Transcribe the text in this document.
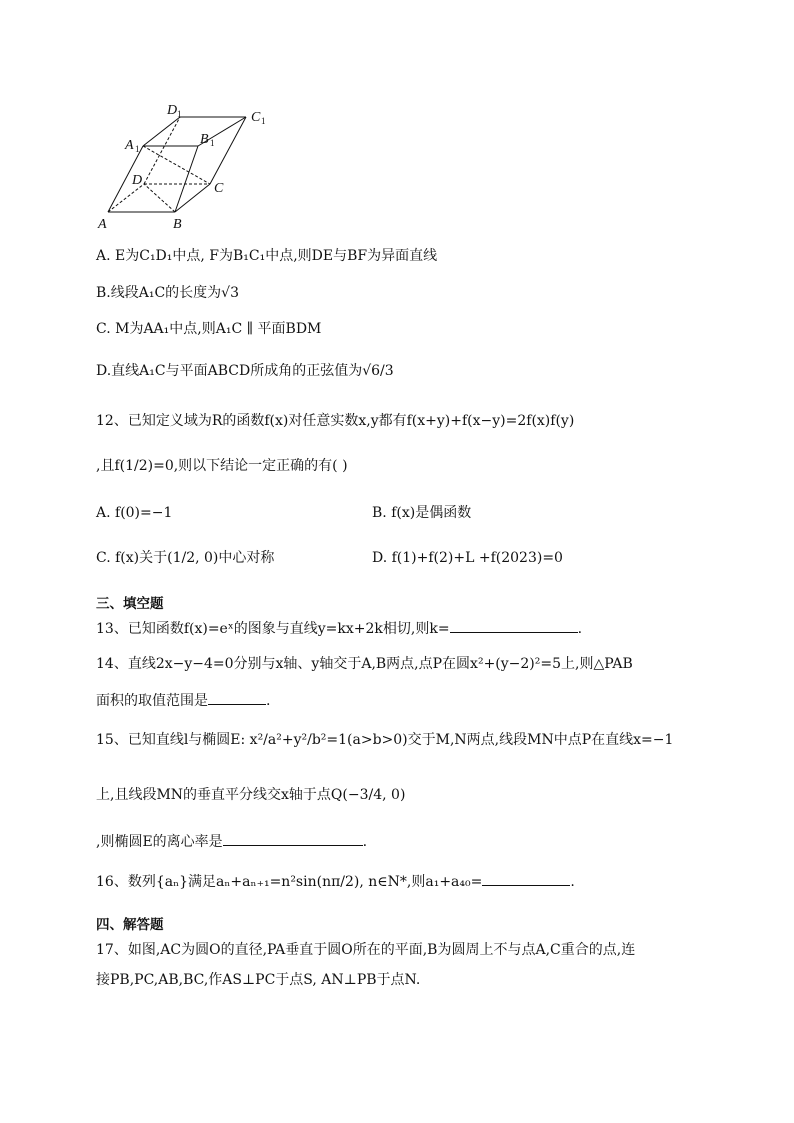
D 1	C 1
A 1
B 1
D
C
A	B
A. E为C₁D₁中点, F为B₁C₁中点,则DE与BF为异面直线
B.线段A₁C的长度为√3
C. M为AA₁中点,则A₁C ∥ 平面BDM
D.直线A₁C与平面ABCD所成角的正弦值为√6/3
12、已知定义域为R的函数f(x)对任意实数x,y都有f(x+y)+f(x−y)=2f(x)f(y)
,且f(1/2)=0,则以下结论一定正确的有( )
A. f(0)=−1	B. f(x)是偶函数
C. f(x)关于(1/2, 0)中心对称	D. f(1)+f(2)+L +f(2023)=0
三、填空题
13、已知函数f(x)=eˣ的图象与直线y=kx+2k相切,则k=	.
14、直线2x−y−4=0分别与x轴、y轴交于A,B两点,点P在圆x²+(y−2)²=5上,则△PAB
面积的取值范围是	.
15、已知直线l与椭圆E: x²/a²+y²/b²=1(a>b>0)交于M,N两点,线段MN中点P在直线x=−1
上,且线段MN的垂直平分线交x轴于点Q(−3/4, 0)
,则椭圆E的离心率是	.
16、数列{aₙ}满足aₙ+aₙ₊₁=n²sin(nπ/2), n∈N*,则a₁+a₄₀=	.
四、解答题
17、如图,AC为圆O的直径,PA垂直于圆O所在的平面,B为圆周上不与点A,C重合的点,连
接PB,PC,AB,BC,作AS⊥PC于点S, AN⊥PB于点N.
